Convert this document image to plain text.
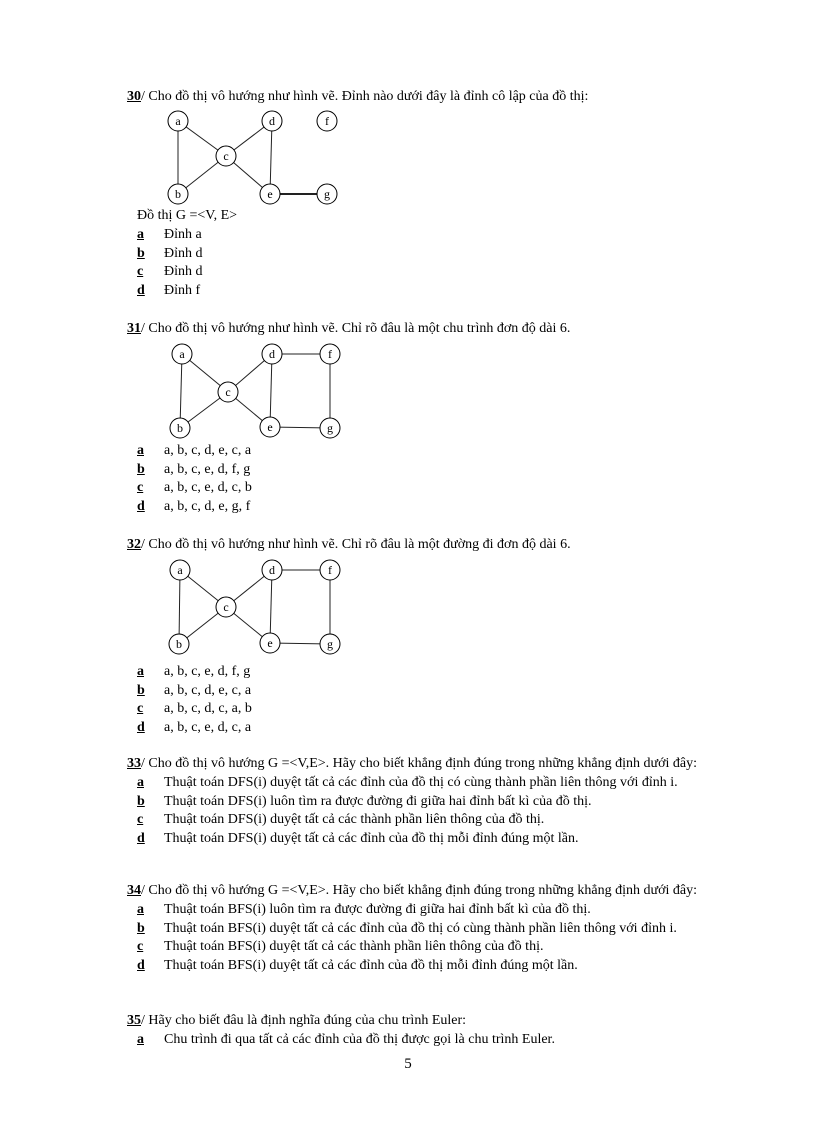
30/ Cho đồ thị vô hướng như hình vẽ. Đỉnh nào dưới đây là đỉnh cô lập của đồ thị:
a
b
c
d
e
f
g
Đồ thị G =<V, E>
a Đỉnh a
b Đỉnh d
c Đỉnh d
d Đỉnh f
31/ Cho đồ thị vô hướng như hình vẽ. Chỉ rõ đâu là một chu trình đơn độ dài 6.
a
b
c
d
e
f
g
a a, b, c, d, e, c, a
b a, b, c, e, d, f, g
c a, b, c, e, d, c, b
d a, b, c, d, e, g, f
32/ Cho đồ thị vô hướng như hình vẽ. Chỉ rõ đâu là một đường đi đơn độ dài 6.
a
b
c
d
e
f
g
a a, b, c, e, d, f, g
b a, b, c, d, e, c, a
c a, b, c, d, c, a, b
d a, b, c, e, d, c, a
33/ Cho đồ thị vô hướng G =<V,E>. Hãy cho biết khẳng định đúng trong những khẳng định dưới đây:
a Thuật toán DFS(i) duyệt tất cả các đỉnh của đồ thị có cùng thành phần liên thông với đỉnh i.
b Thuật toán DFS(i) luôn tìm ra được đường đi giữa hai đỉnh bất kì của đồ thị.
c Thuật toán DFS(i) duyệt tất cả các thành phần liên thông của đồ thị.
d Thuật toán DFS(i) duyệt tất cả các đỉnh của đồ thị mỗi đỉnh đúng một lần.
34/ Cho đồ thị vô hướng G =<V,E>. Hãy cho biết khẳng định đúng trong những khẳng định dưới đây:
a Thuật toán BFS(i) luôn tìm ra được đường đi giữa hai đỉnh bất kì của đồ thị.
b Thuật toán BFS(i) duyệt tất cả các đỉnh của đồ thị có cùng thành phần liên thông với đỉnh i.
c Thuật toán BFS(i) duyệt tất cả các thành phần liên thông của đồ thị.
d Thuật toán BFS(i) duyệt tất cả các đỉnh của đồ thị mỗi đỉnh đúng một lần.
35/ Hãy cho biết đâu là định nghĩa đúng của chu trình Euler:
a Chu trình đi qua tất cả các đỉnh của đồ thị được gọi là chu trình Euler.
5
